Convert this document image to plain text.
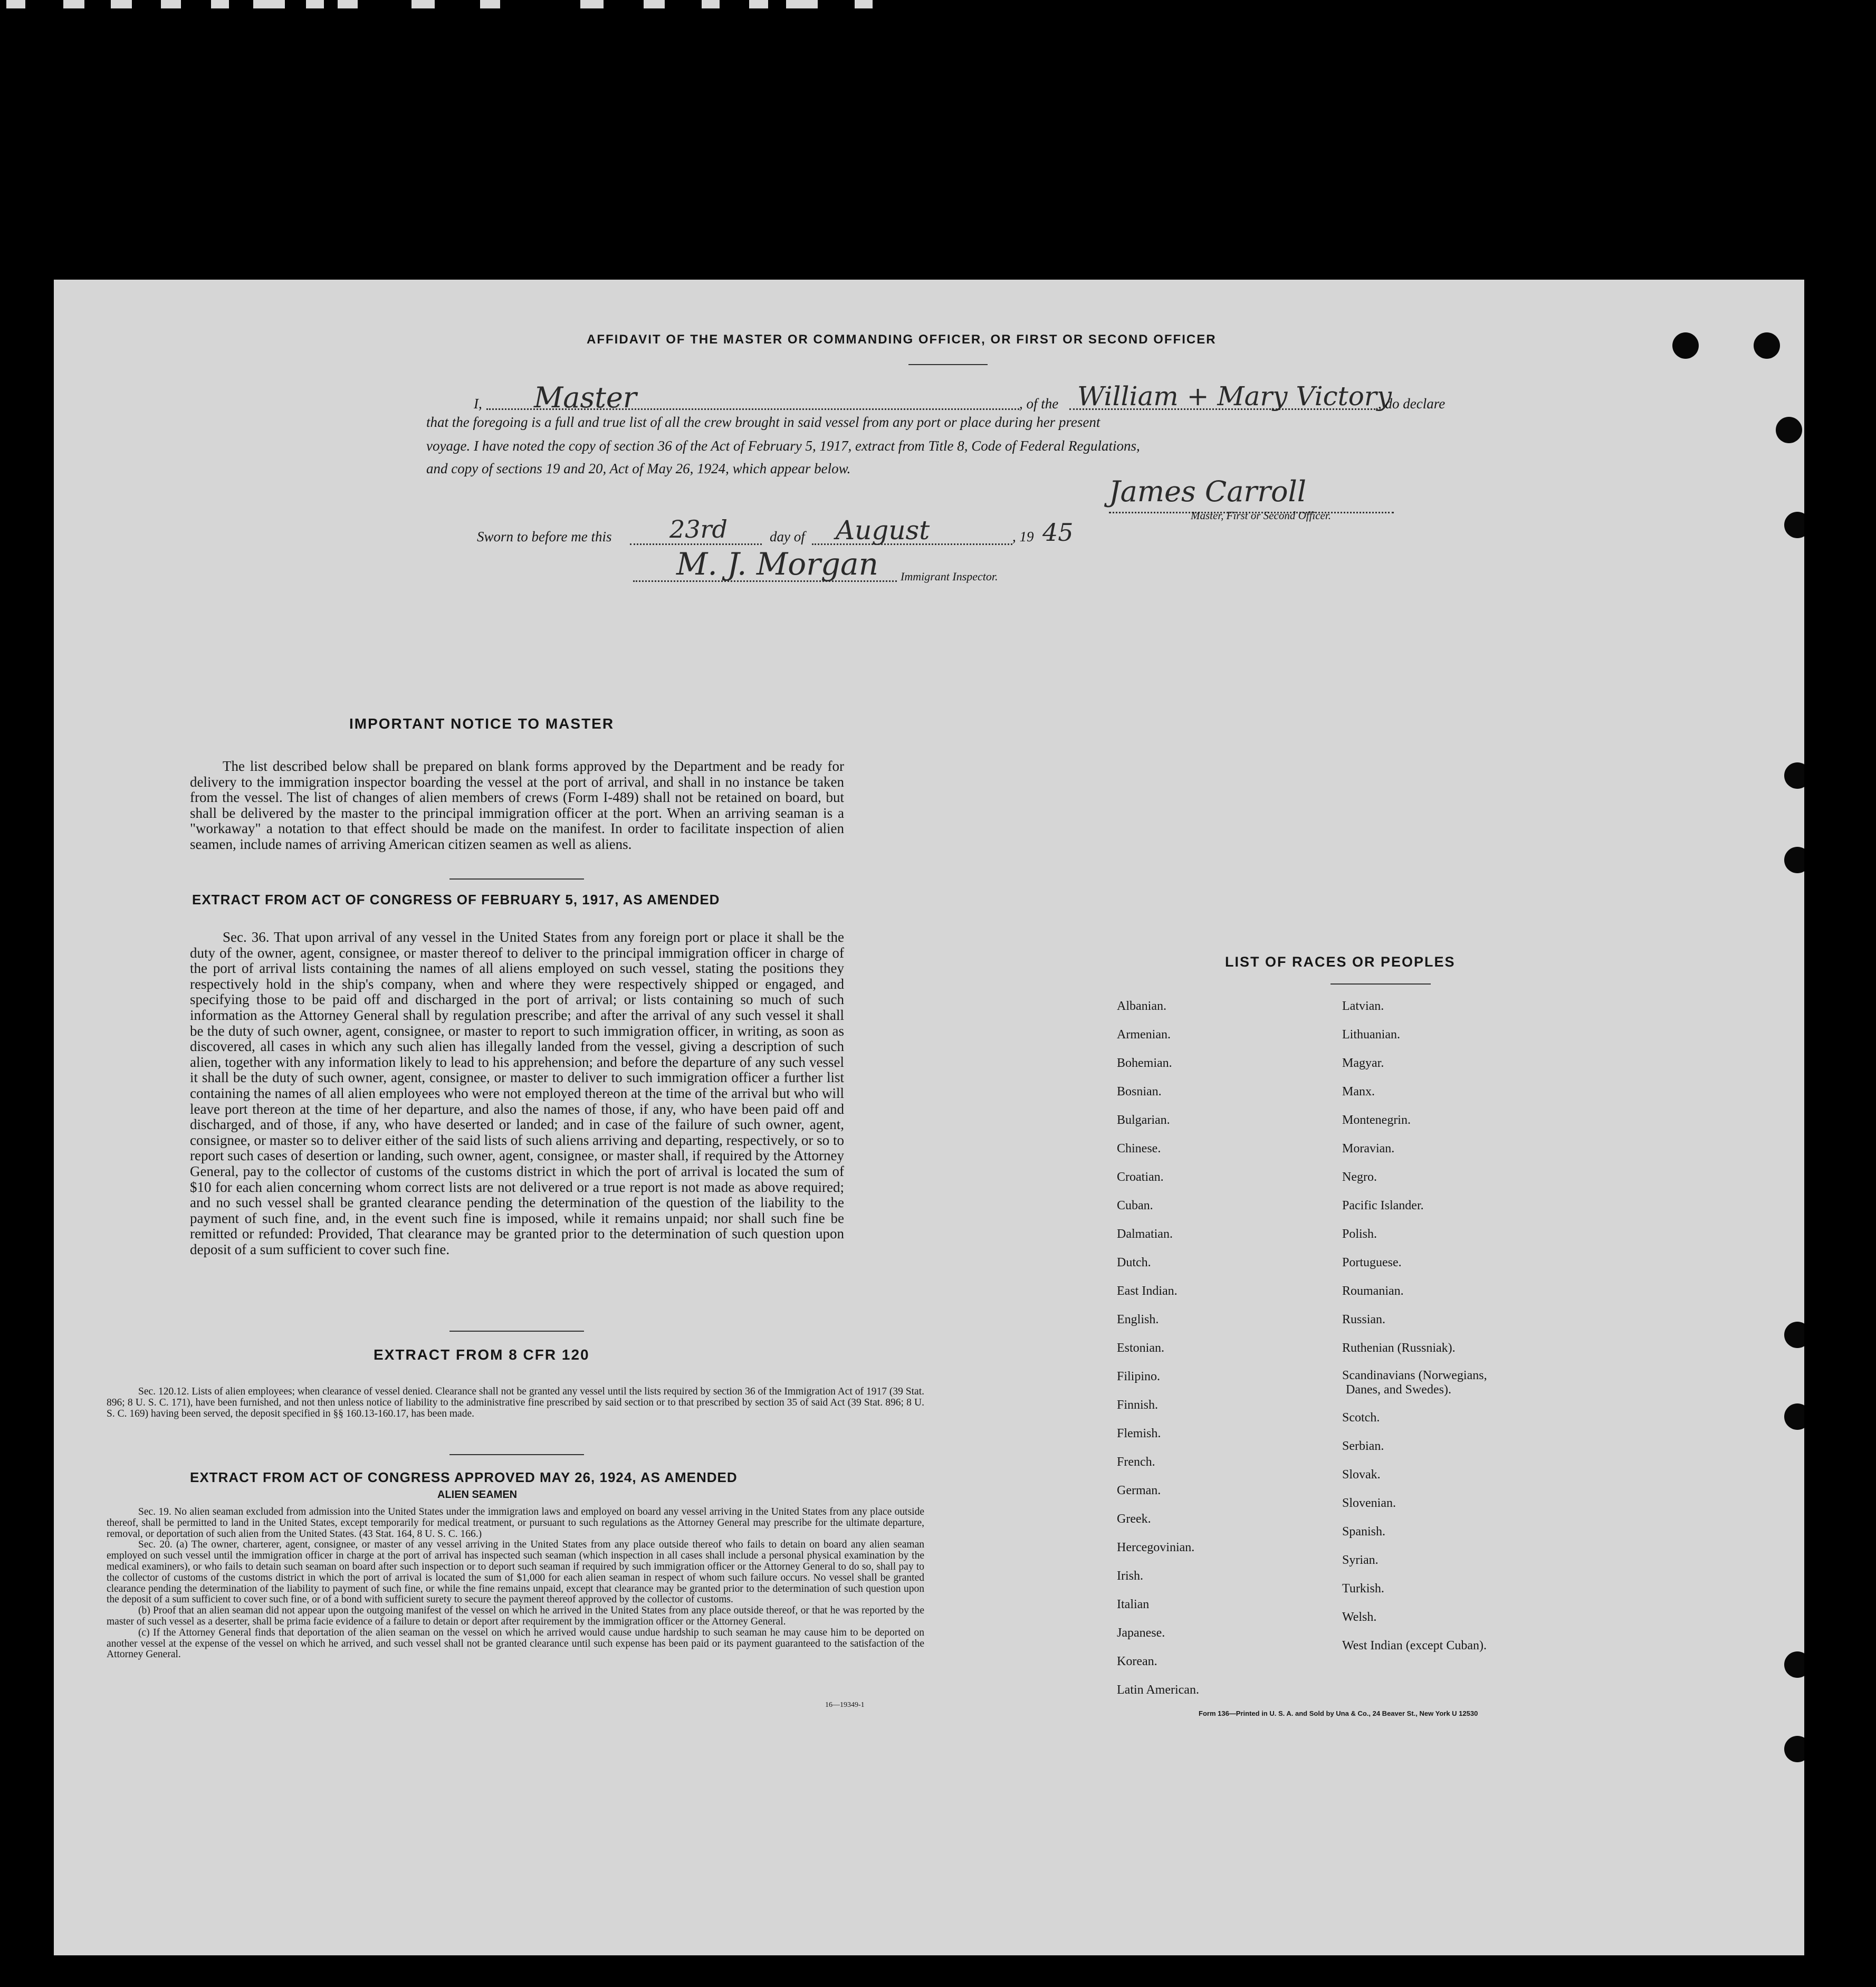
AFFIDAVIT OF THE MASTER OR COMMANDING OFFICER, OR FIRST OR SECOND OFFICER
I, Master	, of the William + Mary Victory
, do declare
that the foregoing is a full and true list of all the crew brought in said vessel from any port or place during her present
voyage. I have noted the copy of section 36 of the Act of February 5, 1917, extract from Title 8, Code of Federal Regulations,
and copy of sections 19 and 20, Act of May 26, 1924, which appear below.
James Carroll
Master, First or Second Officer.
Sworn to before me this 23rd	day of August	, 19 45
M. J. Morgan Immigrant Inspector.
IMPORTANT NOTICE TO MASTER
The list described below shall be prepared on blank forms approved by the Department and be ready for delivery to the immigration inspector boarding the vessel at the port of arrival, and shall in no instance be taken from the vessel. The list of changes of alien members of crews (Form I-489) shall not be retained on board, but shall be delivered by the master to the principal immigration officer at the port. When an arriving seaman is a "workaway" a notation to that effect should be made on the manifest. In order to facilitate inspection of alien seamen, include names of arriving American citizen seamen as well as aliens.
EXTRACT FROM ACT OF CONGRESS OF FEBRUARY 5, 1917, AS AMENDED
Sec. 36. That upon arrival of any vessel in the United States from any foreign port or place it shall be the duty of the owner, agent, consignee, or master thereof to deliver to the principal immigration officer in charge of the port of arrival lists containing the names of all aliens employed on such vessel, stating the positions they respectively hold in the ship's company, when and where they were respectively shipped or engaged, and specifying those to be paid off and discharged in the port of arrival; or lists containing so much of such information as the Attorney General shall by regulation prescribe; and after the arrival of any such vessel it shall be the duty of such owner, agent, consignee, or master to report to such immigration officer, in writing, as soon as discovered, all cases in which any such alien has illegally landed from the vessel, giving a description of such alien, together with any information likely to lead to his apprehension; and before the departure of any such vessel it shall be the duty of such owner, agent, consignee, or master to deliver to such immigration officer a further list containing the names of all alien employees who were not employed thereon at the time of the arrival but who will leave port thereon at the time of her departure, and also the names of those, if any, who have been paid off and discharged, and of those, if any, who have deserted or landed; and in case of the failure of such owner, agent, consignee, or master so to deliver either of the said lists of such aliens arriving and departing, respectively, or so to report such cases of desertion or landing, such owner, agent, consignee, or master shall, if required by the Attorney General, pay to the collector of customs of the customs district in which the port of arrival is located the sum of $10 for each alien concerning whom correct lists are not delivered or a true report is not made as above required; and no such vessel shall be granted clearance pending the determination of the question of the liability to the payment of such fine, and, in the event such fine is imposed, while it remains unpaid; nor shall such fine be remitted or refunded: Provided, That clearance may be granted prior to the determination of such question upon deposit of a sum sufficient to cover such fine.
EXTRACT FROM 8 CFR 120
Sec. 120.12. Lists of alien employees; when clearance of vessel denied. Clearance shall not be granted any vessel until the lists required by section 36 of the Immigration Act of 1917 (39 Stat. 896; 8 U. S. C. 171), have been furnished, and not then unless notice of liability to the administrative fine prescribed by said section or to that prescribed by section 35 of said Act (39 Stat. 896; 8 U. S. C. 169) having been served, the deposit specified in §§ 160.13-160.17, has been made.
EXTRACT FROM ACT OF CONGRESS APPROVED MAY 26, 1924, AS AMENDED
ALIEN SEAMEN
Sec. 19. No alien seaman excluded from admission into the United States under the immigration laws and employed on board any vessel arriving in the United States from any place outside thereof, shall be permitted to land in the United States, except temporarily for medical treatment, or pursuant to such regulations as the Attorney General may prescribe for the ultimate departure, removal, or deportation of such alien from the United States. (43 Stat. 164, 8 U. S. C. 166.)
Sec. 20. (a) The owner, charterer, agent, consignee, or master of any vessel arriving in the United States from any place outside thereof who fails to detain on board any alien seaman employed on such vessel until the immigration officer in charge at the port of arrival has inspected such seaman (which inspection in all cases shall include a personal physical examination by the medical examiners), or who fails to detain such seaman on board after such inspection or to deport such seaman if required by such immigration officer or the Attorney General to do so, shall pay to the collector of customs of the customs district in which the port of arrival is located the sum of $1,000 for each alien seaman in respect of whom such failure occurs. No vessel shall be granted clearance pending the determination of the liability to payment of such fine, or while the fine remains unpaid, except that clearance may be granted prior to the determination of such question upon the deposit of a sum sufficient to cover such fine, or of a bond with sufficient surety to secure the payment thereof approved by the collector of customs.
(b) Proof that an alien seaman did not appear upon the outgoing manifest of the vessel on which he arrived in the United States from any place outside thereof, or that he was reported by the master of such vessel as a deserter, shall be prima facie evidence of a failure to detain or deport after requirement by the immigration officer or the Attorney General.
(c) If the Attorney General finds that deportation of the alien seaman on the vessel on which he arrived would cause undue hardship to such seaman he may cause him to be deported on another vessel at the expense of the vessel on which he arrived, and such vessel shall not be granted clearance until such expense has been paid or its payment guaranteed to the satisfaction of the Attorney General.
16—19349-1
LIST OF RACES OR PEOPLES
Albanian.
Armenian.
Bohemian.
Bosnian.
Bulgarian.
Chinese.
Croatian.
Cuban.
Dalmatian.
Dutch.
East Indian.
English.
Estonian.
Filipino.
Finnish.
Flemish.
French.
German.
Greek.
Hercegovinian.
Irish.
Italian
Japanese.
Korean.
Latin American.
Latvian.
Lithuanian.
Magyar.
Manx.
Montenegrin.
Moravian.
Negro.
Pacific Islander.
Polish.
Portuguese.
Roumanian.
Russian.
Ruthenian (Russniak).
Scandinavians (Norwegians,
Danes, and Swedes).
Scotch.
Serbian.
Slovak.
Slovenian.
Spanish.
Syrian.
Turkish.
Welsh.
West Indian (except Cuban).
Form 136—Printed in U. S. A. and Sold by Una & Co., 24 Beaver St., New York U 12530
